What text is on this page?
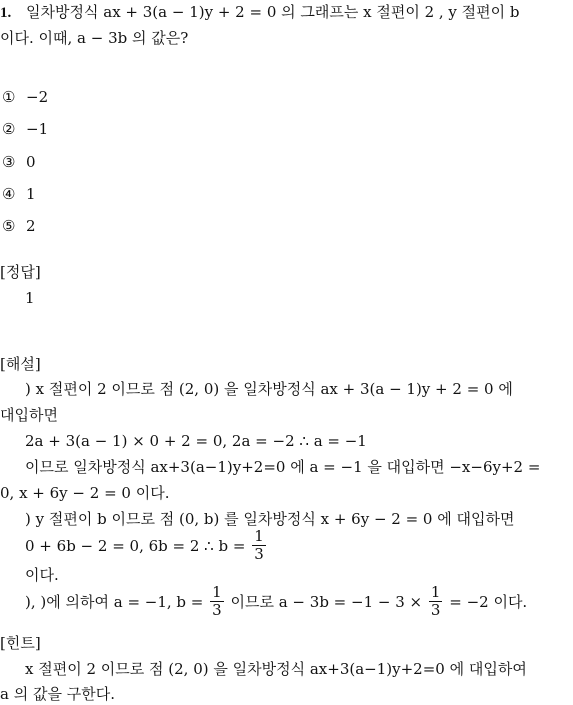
1. 일차방정식 ax + 3(a − 1)y + 2 = 0 의 그래프는 x 절편이 2 , y 절편이 b
이다. 이때, a − 3b 의 값은?
① −2
② −1
③ 0
④ 1
⑤ 2
[정답]
1
[해설]
) x 절편이 2 이므로 점 (2, 0) 을 일차방정식 ax + 3(a − 1)y + 2 = 0 에
대입하면
2a + 3(a − 1) × 0 + 2 = 0, 2a = −2 ∴ a = −1
이므로 일차방정식 ax+3(a−1)y+2=0 에 a = −1 을 대입하면 −x−6y+2 =
0, x + 6y − 2 = 0 이다.
) y 절편이 b 이므로 점 (0, b) 를 일차방정식 x + 6y − 2 = 0 에 대입하면
0 + 6b − 2 = 0, 6b = 2 ∴ $b = \frac{1}{3}$
이다.
), )에 의하여 a = −1, $b = \frac{1}{3}$ 이므로 $a - 3b = -1 - 3 \times \frac{1}{3} = -2$ 이다.
[힌트]
x 절편이 2 이므로 점 (2, 0) 을 일차방정식 ax+3(a−1)y+2=0 에 대입하여
a 의 값을 구한다.
